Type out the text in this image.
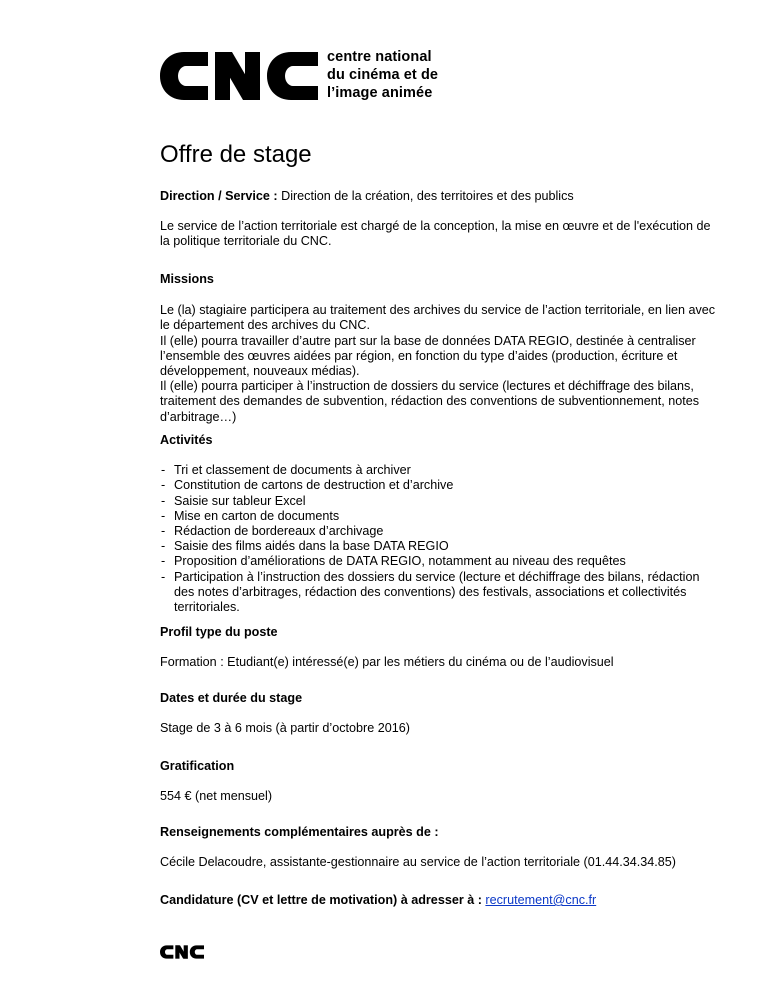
centre national
du cinéma et de
l’image animée
Offre de stage

Direction / Service : Direction de la création, des territoires et des publics

Le service de l’action territoriale est chargé de la conception, la mise en œuvre et de l'exécution de la politique territoriale du CNC.

Missions

Le (la) stagiaire participera au traitement des archives du service de l’action territoriale, en lien avec le département des archives du CNC.

Il (elle) pourra travailler d’autre part sur la base de données DATA REGIO, destinée à centraliser l’ensemble des œuvres aidées par région, en fonction du type d’aides (production, écriture et développement, nouveaux médias).

Il (elle) pourra participer à l’instruction de dossiers du service (lectures et déchiffrage des bilans, traitement des demandes de subvention, rédaction des conventions de subventionnement, notes d’arbitrage…)

Activités

- Tri et classement de documents à archiver
- Constitution de cartons de destruction et d’archive
- Saisie sur tableur Excel
- Mise en carton de documents
- Rédaction de bordereaux d’archivage
- Saisie des films aidés dans la base DATA REGIO
- Proposition d’améliorations de DATA REGIO, notamment au niveau des requêtes
- Participation à l’instruction des dossiers du service (lecture et déchiffrage des bilans, rédaction des notes d’arbitrages, rédaction des conventions) des festivals, associations et collectivités territoriales.

Profil type du poste

Formation : Etudiant(e) intéressé(e) par les métiers du cinéma ou de l’audiovisuel

Dates et durée du stage

Stage de 3 à 6 mois (à partir d’octobre 2016)

Gratification

554 € (net mensuel)

Renseignements complémentaires auprès de :

Cécile Delacoudre, assistante-gestionnaire au service de l’action territoriale (01.44.34.34.85)

Candidature (CV et lettre de motivation) à adresser à : recrutement@cnc.fr
